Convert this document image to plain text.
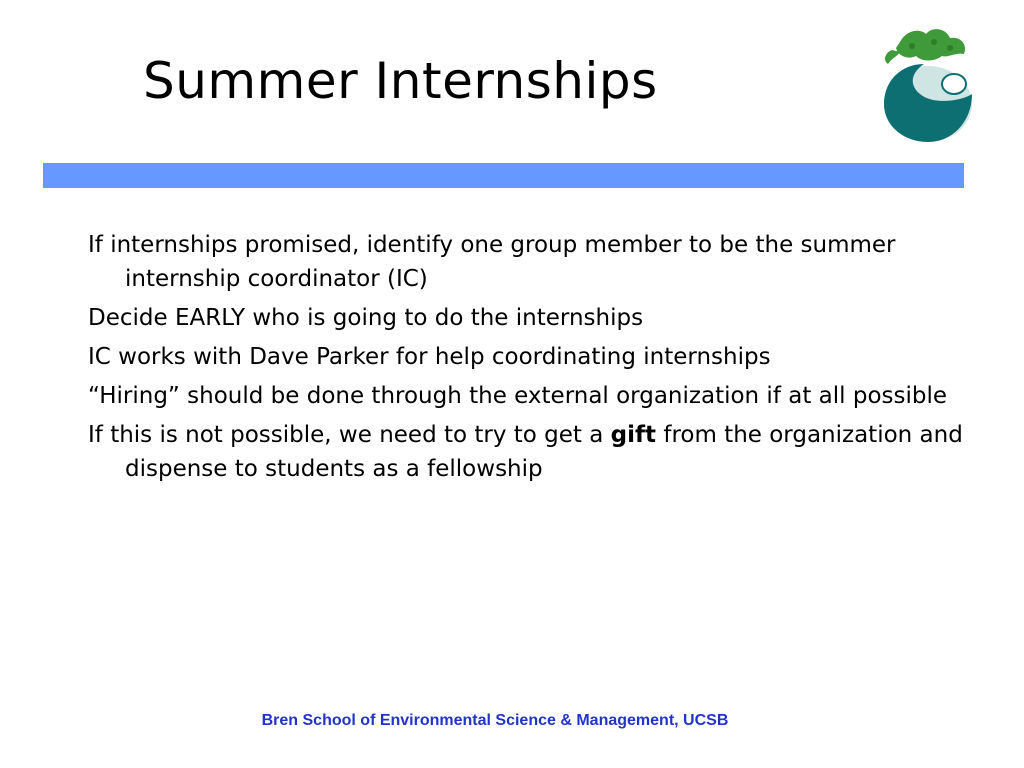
Summer Internships
If internships promised, identify one group member to be the summer internship coordinator (IC)
Decide EARLY who is going to do the internships
IC works with Dave Parker for help coordinating internships
“Hiring” should be done through the external organization if at all possible
If this is not possible, we need to try to get a gift from the organization and dispense to students as a fellowship
Bren School of Environmental Science & Management, UCSB
